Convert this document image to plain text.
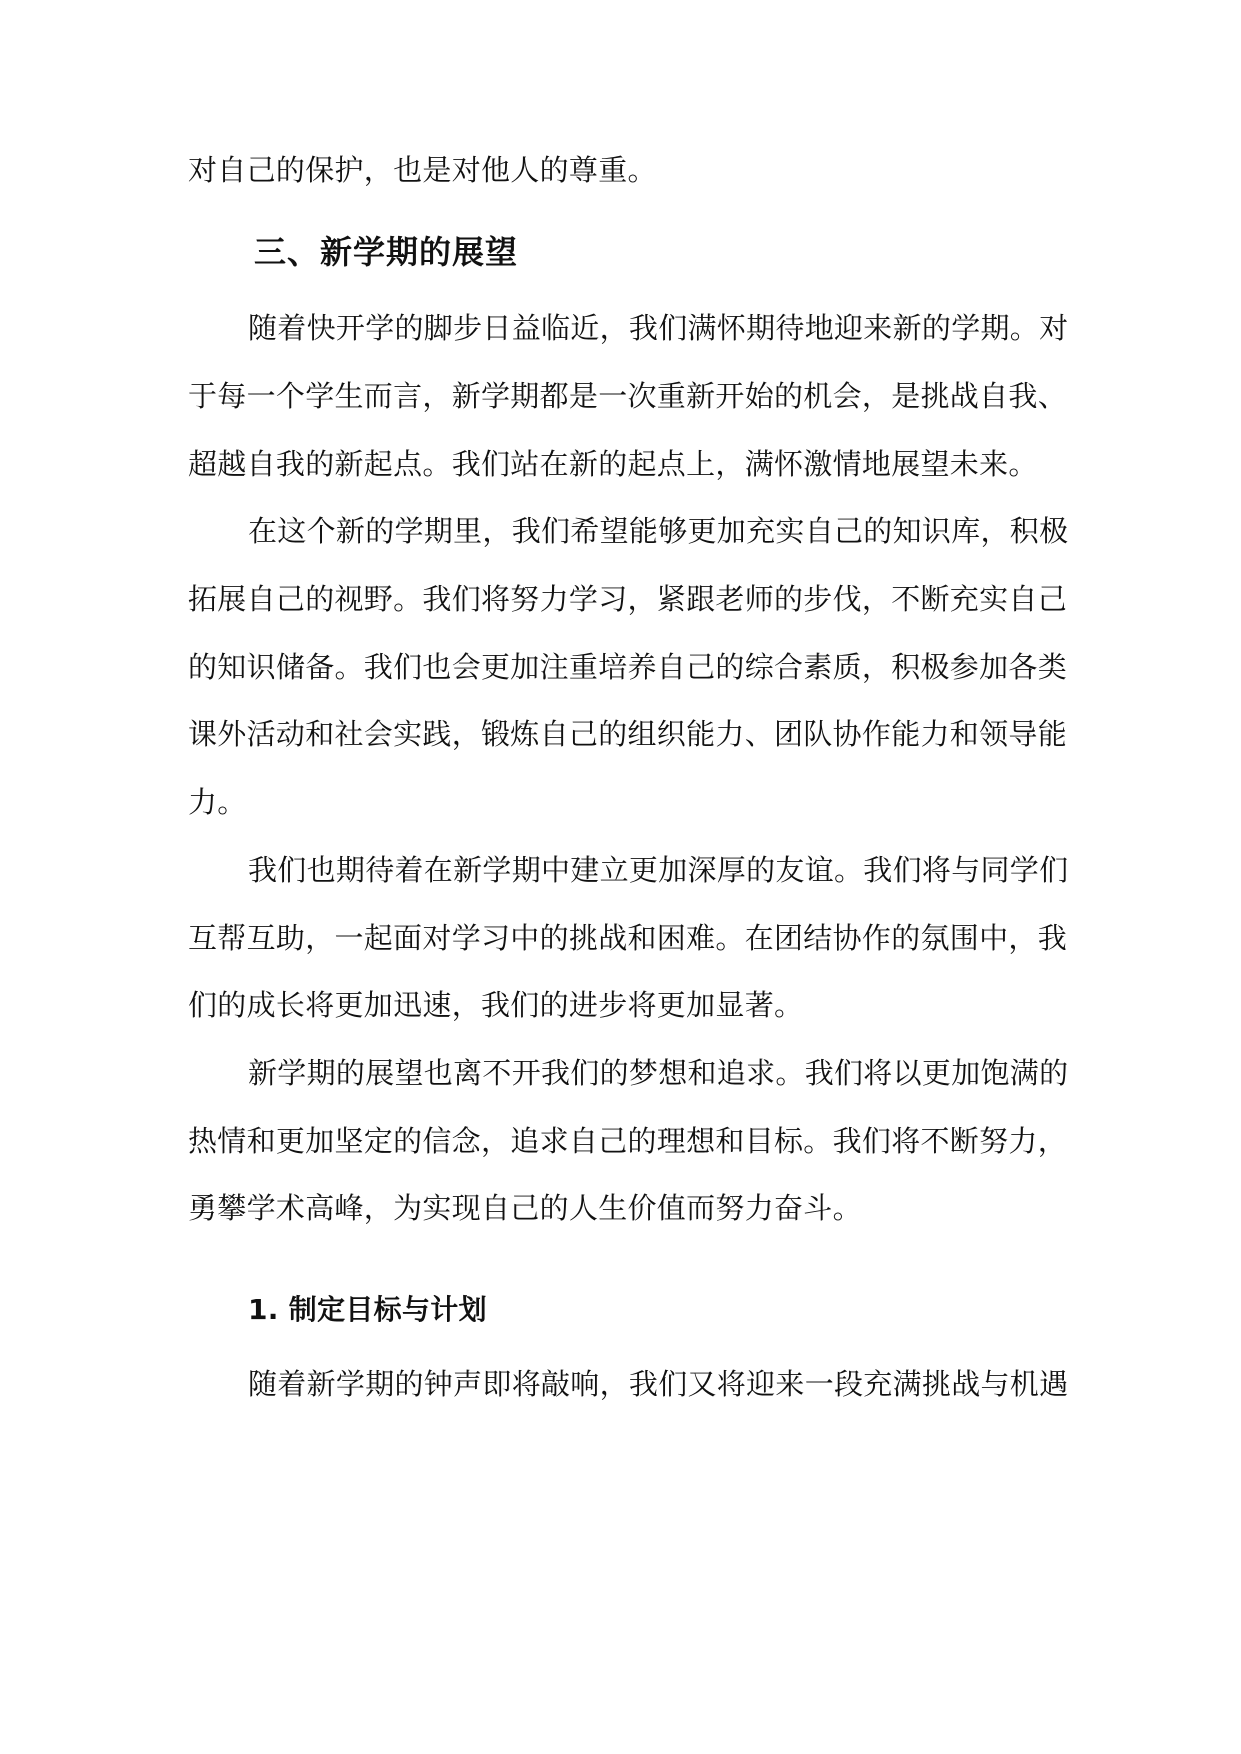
对自己的保护，也是对他人的尊重。
三、新学期的展望
随着快开学的脚步日益临近，我们满怀期待地迎来新的学期。对
于每一个学生而言，新学期都是一次重新开始的机会，是挑战自我、
超越自我的新起点。我们站在新的起点上，满怀激情地展望未来。
在这个新的学期里，我们希望能够更加充实自己的知识库，积极
拓展自己的视野。我们将努力学习，紧跟老师的步伐，不断充实自己
的知识储备。我们也会更加注重培养自己的综合素质，积极参加各类
课外活动和社会实践，锻炼自己的组织能力、团队协作能力和领导能
力。
我们也期待着在新学期中建立更加深厚的友谊。我们将与同学们
互帮互助，一起面对学习中的挑战和困难。在团结协作的氛围中，我
们的成长将更加迅速，我们的进步将更加显著。
新学期的展望也离不开我们的梦想和追求。我们将以更加饱满的
热情和更加坚定的信念，追求自己的理想和目标。我们将不断努力，
勇攀学术高峰，为实现自己的人生价值而努力奋斗。
1. 制定目标与计划
随着新学期的钟声即将敲响，我们又将迎来一段充满挑战与机遇
